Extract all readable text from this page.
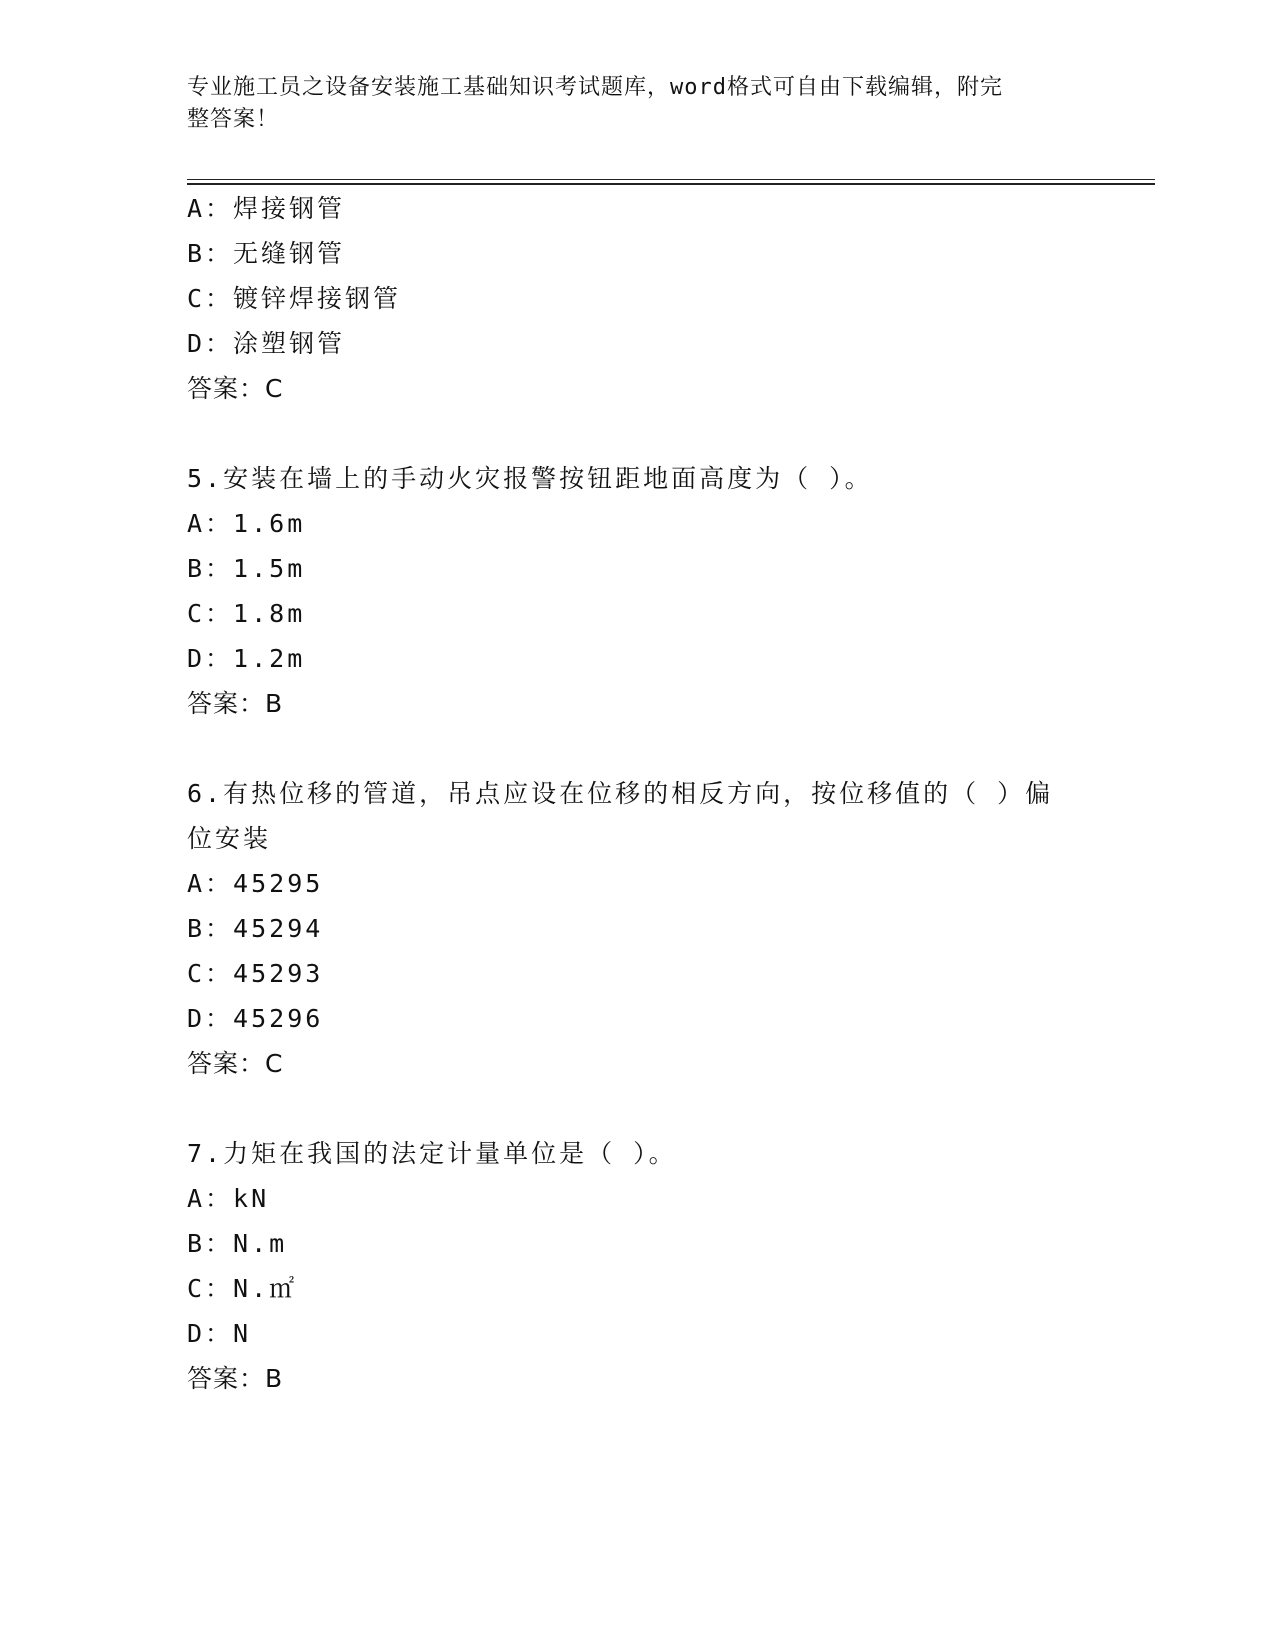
专业施工员之设备安装施工基础知识考试题库，word格式可自由下载编辑，附完
整答案！
A：焊接钢管
B：无缝钢管
C：镀锌焊接钢管
D：涂塑钢管
答案：C
5.安装在墙上的手动火灾报警按钮距地面高度为（ ）。
A：1.6m
B：1.5m
C：1.8m
D：1.2m
答案：B
6.有热位移的管道，吊点应设在位移的相反方向，按位移值的（ ）偏
位安装
A：45295
B：45294
C：45293
D：45296
答案：C
7.力矩在我国的法定计量单位是（ ）。
A：kN
B：N.m
C：N.㎡
D：N
答案：B
